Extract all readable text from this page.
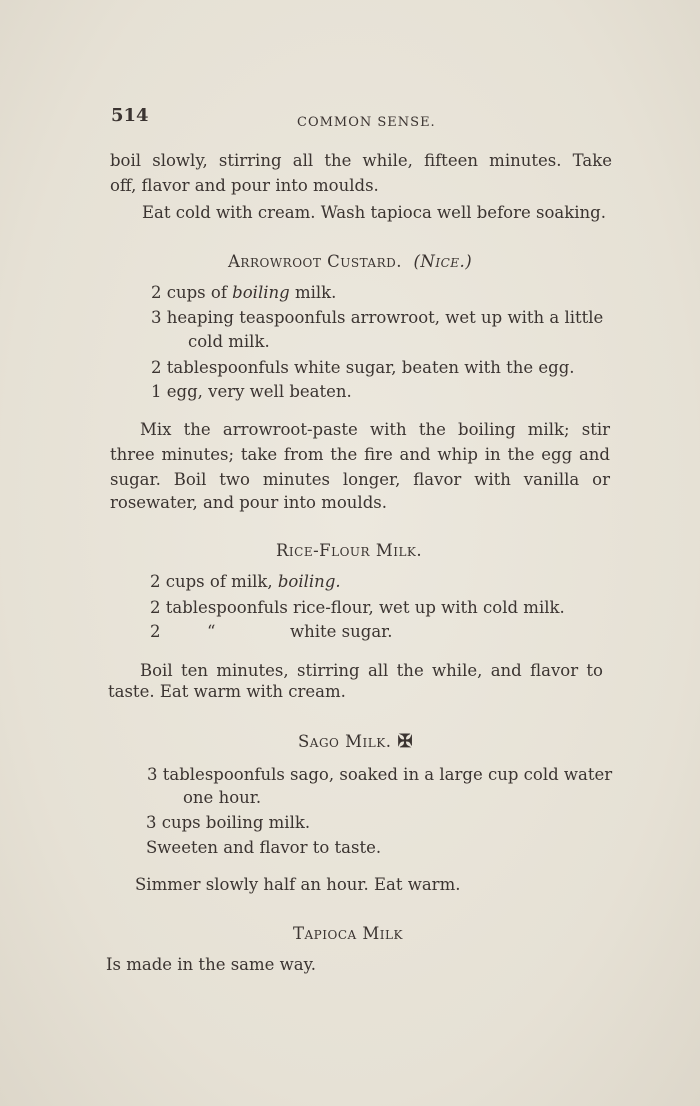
514	COMMON SENSE.
boil slowly, stirring all the while, fifteen minutes. Take
off, flavor and pour into moulds.
Eat cold with cream. Wash tapioca well before soaking.
Arrowroot Custard. (Nice.)
2 cups of boiling milk.
3 heaping teaspoonfuls arrowroot, wet up with a little
cold milk.
2 tablespoonfuls white sugar, beaten with the egg.
1 egg, very well beaten.
Mix the arrowroot-paste with the boiling milk; stir
three minutes; take from the fire and whip in the egg and
sugar. Boil two minutes longer, flavor with vanilla or
rosewater, and pour into moulds.
Rice-Flour Milk.
2 cups of milk, boiling.
2 tablespoonfuls rice-flour, wet up with cold milk.
2	“	white sugar.
Boil ten minutes, stirring all the while, and flavor to
taste. Eat warm with cream.
Sago Milk. ✠
3 tablespoonfuls sago, soaked in a large cup cold water
one hour.
3 cups boiling milk.
Sweeten and flavor to taste.
Simmer slowly half an hour. Eat warm.
Tapioca Milk
Is made in the same way.
